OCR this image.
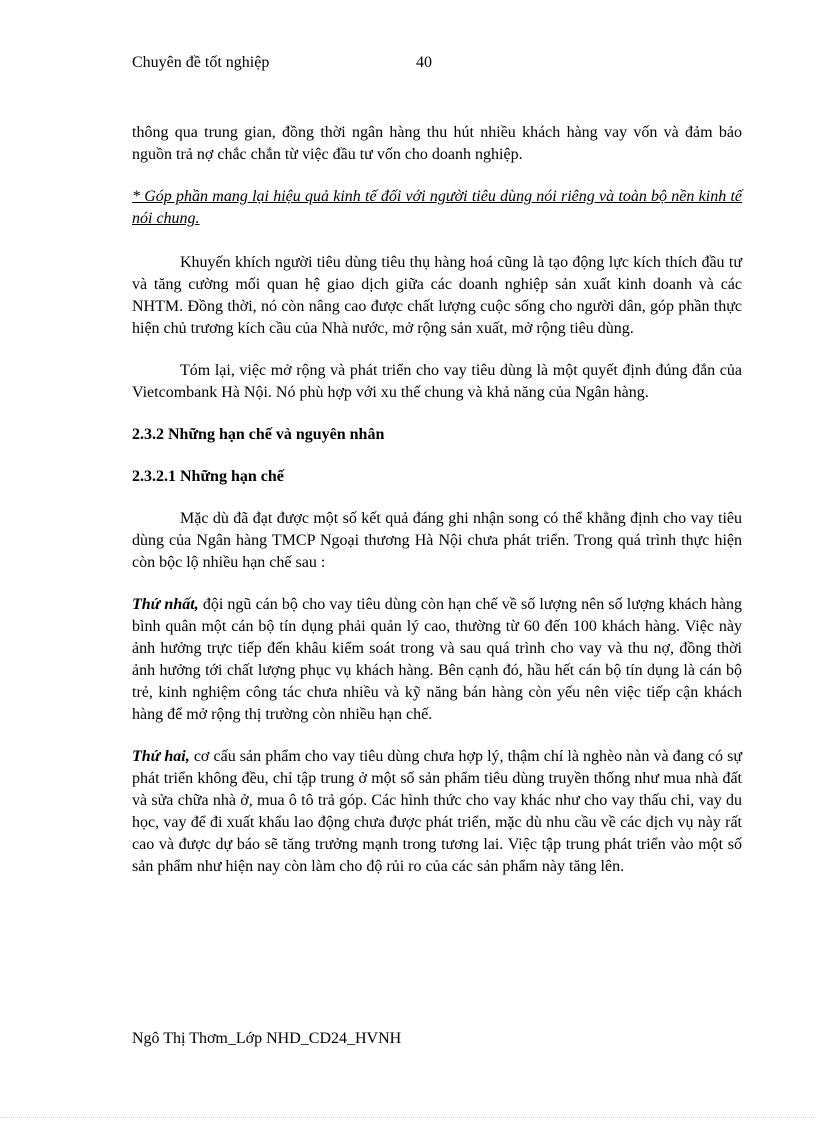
Chuyên đề tốt nghiệp	40

thông qua trung gian, đồng thời ngân hàng thu hút nhiều khách hàng vay vốn và đảm bảo nguồn trả nợ chắc chắn từ việc đầu tư vốn cho doanh nghiệp.

* Góp phần mang lại hiệu quả kinh tế đối với người tiêu dùng nói riêng và toàn bộ nền kinh tế nói chung.

Khuyến khích người tiêu dùng tiêu thụ hàng hoá cũng là tạo động lực kích thích đầu tư và tăng cường mối quan hệ giao dịch giữa các doanh nghiệp sản xuất kinh doanh và các NHTM. Đồng thời, nó còn nâng cao được chất lượng cuộc sống cho người dân, góp phần thực hiện chủ trương kích cầu của Nhà nước, mở rộng sản xuất, mở rộng tiêu dùng.

Tóm lại, việc mở rộng và phát triển cho vay tiêu dùng là một quyết định đúng đắn của Vietcombank Hà Nội. Nó phù hợp với xu thế chung và khả năng của Ngân hàng.

2.3.2 Những hạn chế và nguyên nhân

2.3.2.1 Những hạn chế

Mặc dù đã đạt được một số kết quả đáng ghi nhận song có thể khẳng định cho vay tiêu dùng của Ngân hàng TMCP Ngoại thương Hà Nội chưa phát triển. Trong quá trình thực hiện còn bộc lộ nhiều hạn chế sau :

Thứ nhất, đội ngũ cán bộ cho vay tiêu dùng còn hạn chế về số lượng nên số lượng khách hàng bình quân một cán bộ tín dụng phải quản lý cao, thường từ 60 đến 100 khách hàng. Việc này ảnh hưởng trực tiếp đến khâu kiểm soát trong và sau quá trình cho vay và thu nợ, đồng thời ảnh hưởng tới chất lượng phục vụ khách hàng. Bên cạnh đó, hầu hết cán bộ tín dụng là cán bộ trẻ, kinh nghiệm công tác chưa nhiều và kỹ năng bán hàng còn yếu nên việc tiếp cận khách hàng để mở rộng thị trường còn nhiều hạn chế.

Thứ hai, cơ cấu sản phẩm cho vay tiêu dùng chưa hợp lý, thậm chí là nghèo nàn và đang có sự phát triển không đều, chỉ tập trung ở một số sản phẩm tiêu dùng truyền thống như mua nhà đất và sửa chữa nhà ở, mua ô tô trả góp. Các hình thức cho vay khác như cho vay thấu chi, vay du học, vay để đi xuất khẩu lao động chưa được phát triển, mặc dù nhu cầu về các dịch vụ này rất cao và được dự báo sẽ tăng trưởng mạnh trong tương lai. Việc tập trung phát triển vào một số sản phẩm như hiện nay còn làm cho độ rủi ro của các sản phẩm này tăng lên.

Ngô Thị Thơm_Lớp NHD_CD24_HVNH
